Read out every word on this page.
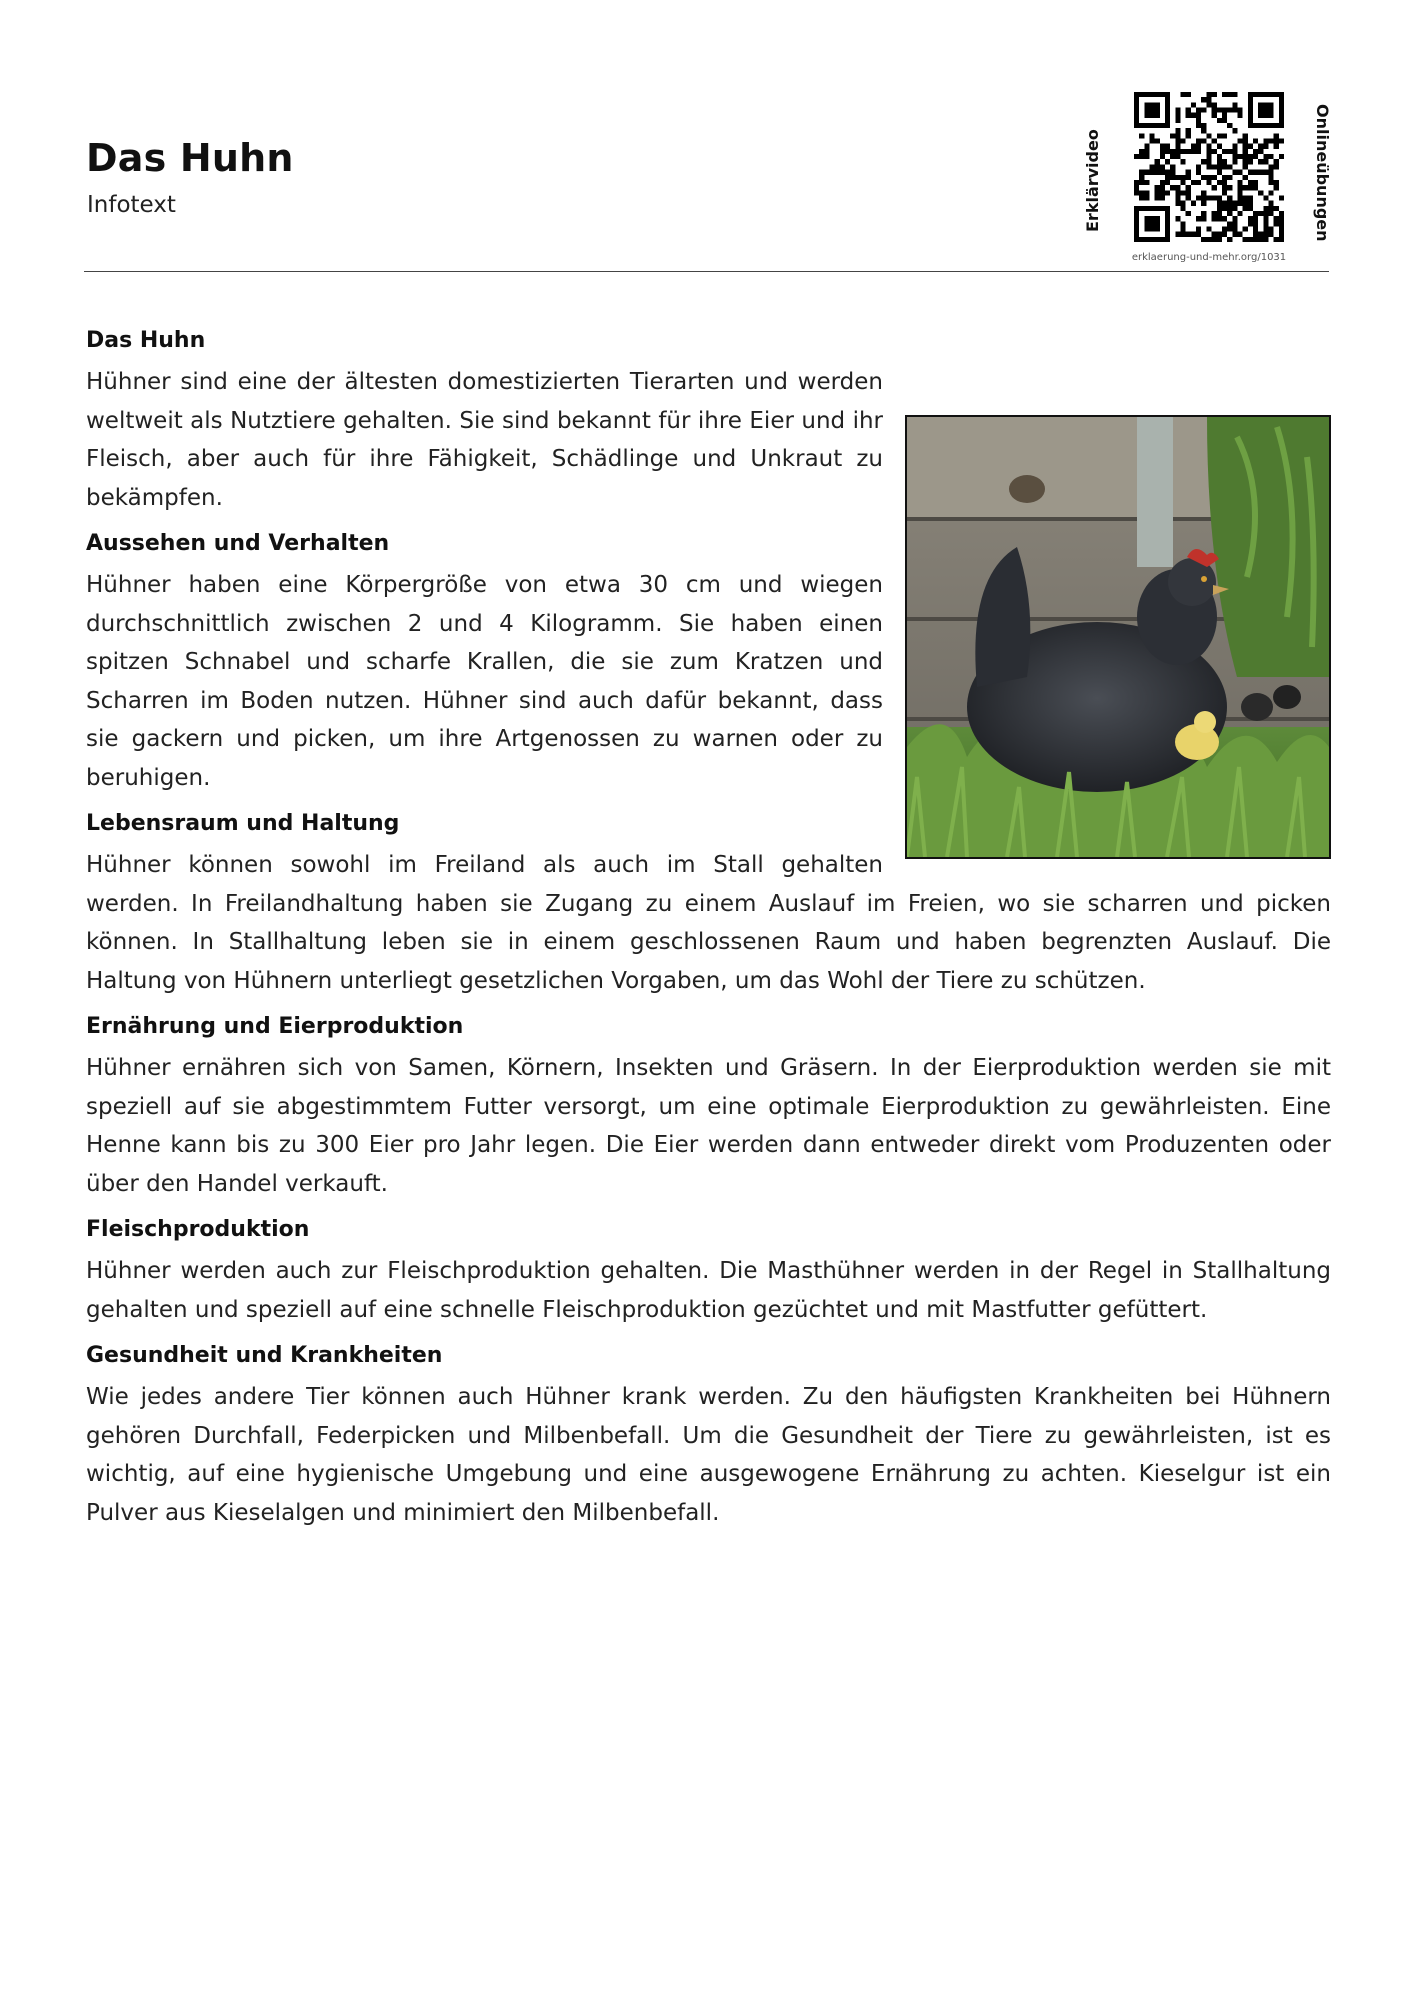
Das Huhn

Infotext	Erklärvideo	Onlineübungen
erklaerung-und-mehr.org/1031
Das Huhn

Hühner sind eine der ältesten domestizierten Tierarten und werden weltweit als Nutztiere gehalten. Sie sind bekannt für ihre Eier und ihr Fleisch, aber auch für ihre Fähigkeit, Schädlinge und Unkraut zu bekämpfen.

Aussehen und Verhalten

Hühner haben eine Körpergröße von etwa 30 cm und wiegen durchschnittlich zwischen 2 und 4 Kilogramm. Sie haben einen spitzen Schnabel und scharfe Krallen, die sie zum Kratzen und Scharren im Boden nutzen. Hühner sind auch dafür bekannt, dass sie gackern und picken, um ihre Artgenossen zu warnen oder zu beruhigen.

Lebensraum und Haltung

Hühner können sowohl im Freiland als auch im Stall gehalten werden. In Freilandhaltung haben sie Zugang zu einem Auslauf im Freien, wo sie scharren und picken können. In Stallhaltung leben sie in einem geschlossenen Raum und haben begrenzten Auslauf. Die Haltung von Hühnern unterliegt gesetzlichen Vorgaben, um das Wohl der Tiere zu schützen.

Ernährung und Eierproduktion

Hühner ernähren sich von Samen, Körnern, Insekten und Gräsern. In der Eierproduktion werden sie mit speziell auf sie abgestimmtem Futter versorgt, um eine optimale Eierproduktion zu gewährleisten. Eine Henne kann bis zu 300 Eier pro Jahr legen. Die Eier werden dann entweder direkt vom Produzenten oder über den Handel verkauft.

Fleischproduktion

Hühner werden auch zur Fleischproduktion gehalten. Die Masthühner werden in der Regel in Stallhaltung gehalten und speziell auf eine schnelle Fleischproduktion gezüchtet und mit Mastfutter gefüttert.

Gesundheit und Krankheiten

Wie jedes andere Tier können auch Hühner krank werden. Zu den häufigsten Krankheiten bei Hühnern gehören Durchfall, Federpicken und Milbenbefall. Um die Gesundheit der Tiere zu gewährleisten, ist es wichtig, auf eine hygienische Umgebung und eine ausgewogene Ernährung zu achten. Kieselgur ist ein Pulver aus Kieselalgen und minimiert den Milbenbefall.
